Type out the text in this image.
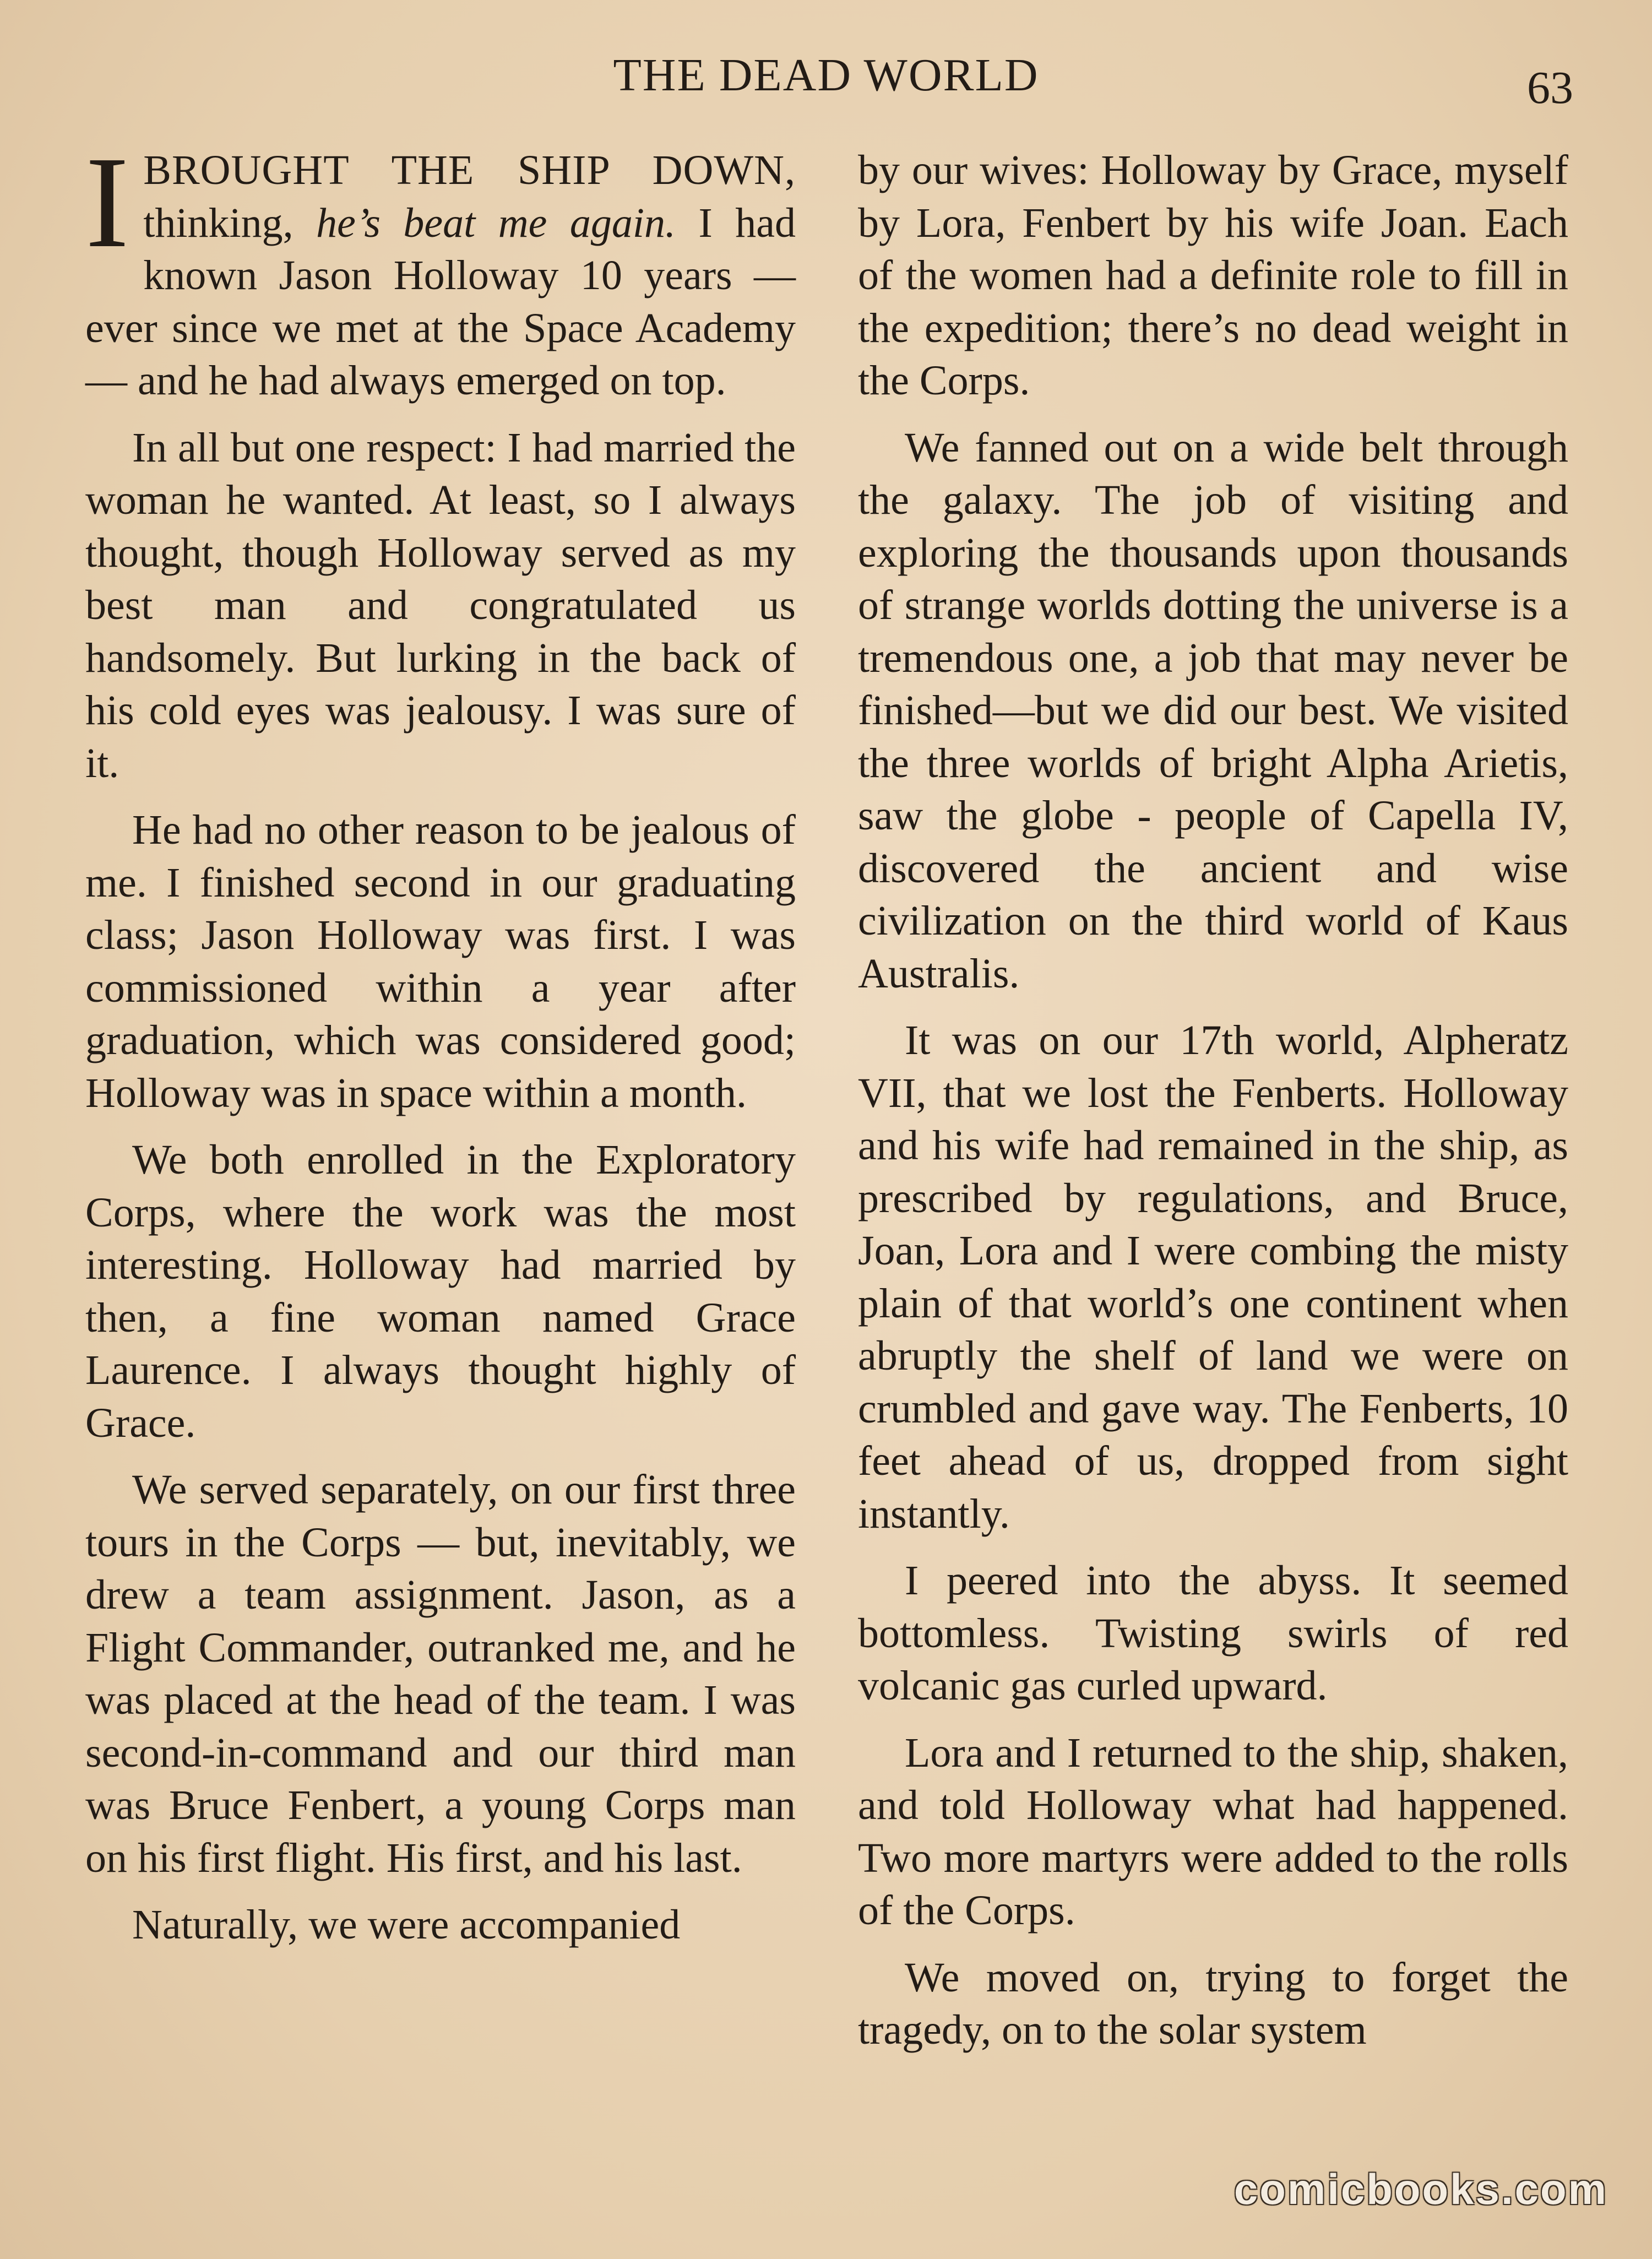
THE DEAD WORLD	63

I BROUGHT THE SHIP DOWN, thinking, he’s beat me again. I had known Jason Holloway 10 years — ever since we met at the Space Academy — and he had always emerged on top.

In all but one respect: I had married the woman he wanted. At least, so I always thought, though Holloway served as my best man and congratulated us handsomely. But lurking in the back of his cold eyes was jealousy. I was sure of it.

He had no other reason to be jealous of me. I finished second in our graduating class; Jason Holloway was first. I was commissioned within a year after graduation, which was considered good; Holloway was in space within a month.

We both enrolled in the Exploratory Corps, where the work was the most interesting. Holloway had married by then, a fine woman named Grace Laurence. I always thought highly of Grace.

We served separately, on our first three tours in the Corps — but, inevitably, we drew a team assignment. Jason, as a Flight Commander, outranked me, and he was placed at the head of the team. I was second-in-command and our third man was Bruce Fenbert, a young Corps man on his first flight. His first, and his last.

Naturally, we were accompanied

by our wives: Holloway by Grace, myself by Lora, Fenbert by his wife Joan. Each of the women had a definite role to fill in the expedition; there’s no dead weight in the Corps.

We fanned out on a wide belt through the galaxy. The job of visiting and exploring the thousands upon thousands of strange worlds dotting the universe is a tremendous one, a job that may never be finished—but we did our best. We visited the three worlds of bright Alpha Arietis, saw the globe - people of Capella IV, discovered the ancient and wise civilization on the third world of Kaus Australis.

It was on our 17th world, Alpheratz VII, that we lost the Fenberts. Holloway and his wife had remained in the ship, as prescribed by regulations, and Bruce, Joan, Lora and I were combing the misty plain of that world’s one continent when abruptly the shelf of land we were on crumbled and gave way. The Fenberts, 10 feet ahead of us, dropped from sight instantly.

I peered into the abyss. It seemed bottomless. Twisting swirls of red volcanic gas curled upward.

Lora and I returned to the ship, shaken, and told Holloway what had happened. Two more martyrs were added to the rolls of the Corps.

We moved on, trying to forget the tragedy, on to the solar system

comicbooks.com
